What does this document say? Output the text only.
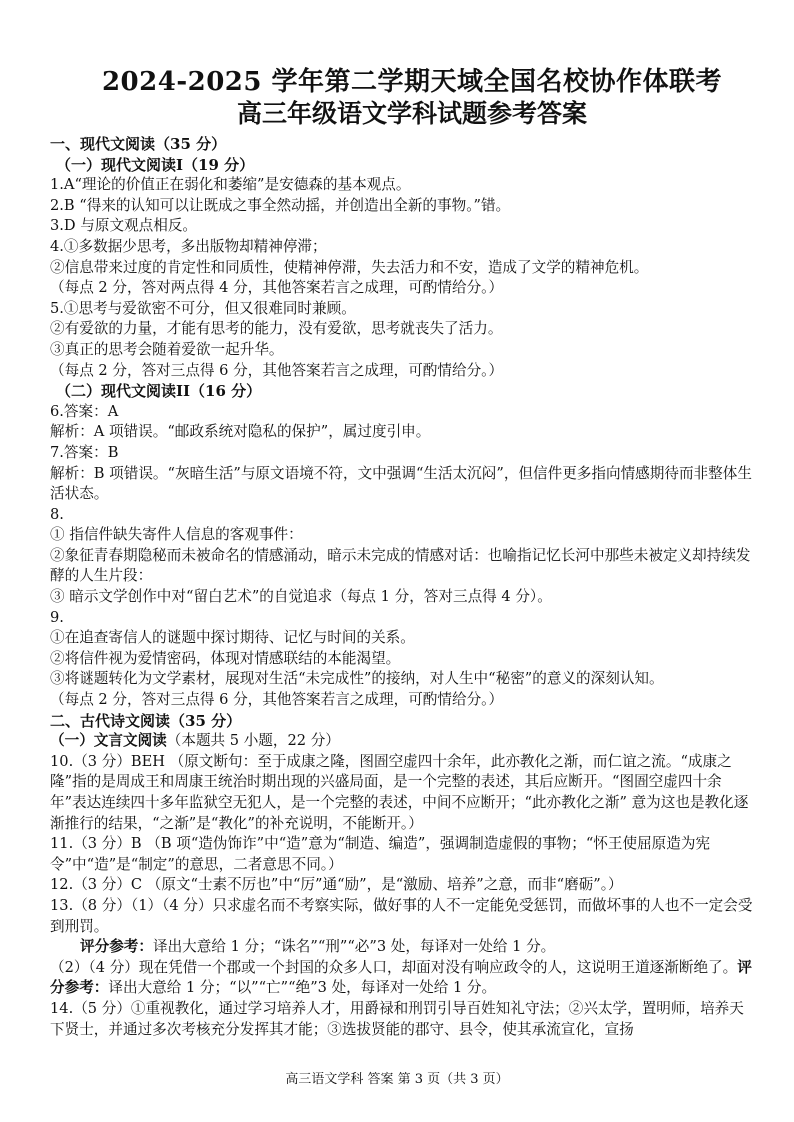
2024-2025 学年第二学期天域全国名校协作体联考
高三年级语文学科试题参考答案
一、现代文阅读（35 分）
（一）现代文阅读Ⅰ（19 分）
1.A“理论的价值正在弱化和萎缩”是安德森的基本观点。
2.B “得来的认知可以让既成之事全然动摇，并创造出全新的事物。”错。
3.D 与原文观点相反。
4.①多数据少思考，多出版物却精神停滞；
②信息带来过度的肯定性和同质性，使精神停滞，失去活力和不安，造成了文学的精神危机。
（每点 2 分，答对两点得 4 分，其他答案若言之成理，可酌情给分。）
5.①思考与爱欲密不可分，但又很难同时兼顾。
②有爱欲的力量，才能有思考的能力，没有爱欲，思考就丧失了活力。
③真正的思考会随着爱欲一起升华。
（每点 2 分，答对三点得 6 分，其他答案若言之成理，可酌情给分。）
（二）现代文阅读II（16 分）
6.答案：A
解析：A 项错误。“邮政系统对隐私的保护”，属过度引申。
7.答案：B
解析：B 项错误。“灰暗生活”与原文语境不符，文中强调“生活太沉闷”，但信件更多指向情感期待而非整体生活状态。
8.
① 指信件缺失寄件人信息的客观事件：
②象征青春期隐秘而未被命名的情感涌动，暗示未完成的情感对话：也喻指记忆长河中那些未被定义却持续发酵的人生片段：
③ 暗示文学创作中对“留白艺术”的自觉追求（每点 1 分，答对三点得 4 分）。
9.
①在追查寄信人的谜题中探讨期待、记忆与时间的关系。
②将信件视为爱情密码，体现对情感联结的本能渴望。
③将谜题转化为文学素材，展现对生活“未完成性”的接纳，对人生中“秘密”的意义的深刻认知。
（每点 2 分，答对三点得 6 分，其他答案若言之成理，可酌情给分。）
二、古代诗文阅读（35 分）
（一）文言文阅读（本题共 5 小题，22 分）
10.（3 分）BEH （原文断句：至于成康之隆，图圄空虚四十余年，此亦教化之渐，而仁谊之流。“成康之隆”指的是周成王和周康王统治时期出现的兴盛局面，是一个完整的表述，其后应断开。“图圄空虚四十余年”表达连续四十多年监狱空无犯人，是一个完整的表述，中间不应断开；“此亦教化之渐” 意为这也是教化逐渐推行的结果，“之渐”是“教化”的补充说明，不能断开。）
11.（3 分）B （B 项“造伪饰诈”中“造”意为“制造、编造”，强调制造虚假的事物；“怀王使屈原造为宪令”中“造”是“制定”的意思，二者意思不同。）
12.（3 分）C （原文“士素不厉也”中“厉”通“励”，是“激励、培养”之意，而非“磨砺”。）
13.（8 分）（1）（4 分）只求虚名而不考察实际，做好事的人不一定能免受惩罚，而做坏事的人也不一定会受到刑罚。
评分参考：译出大意给 1 分；“诛名”“刑”“必”3 处，每译对一处给 1 分。
（2）（4 分）现在凭借一个郡或一个封国的众多人口，却面对没有响应政令的人，这说明王道逐渐断绝了。评分参考：译出大意给 1 分；“以”“亡”“绝”3 处，每译对一处给 1 分。
14.（5 分）①重视教化，通过学习培养人才，用爵禄和刑罚引导百姓知礼守法；②兴太学，置明师，培养天下贤士，并通过多次考核充分发挥其才能；③选拔贤能的郡守、县令，使其承流宣化，宣扬
高三语文学科 答案 第 3 页（共 3 页）
